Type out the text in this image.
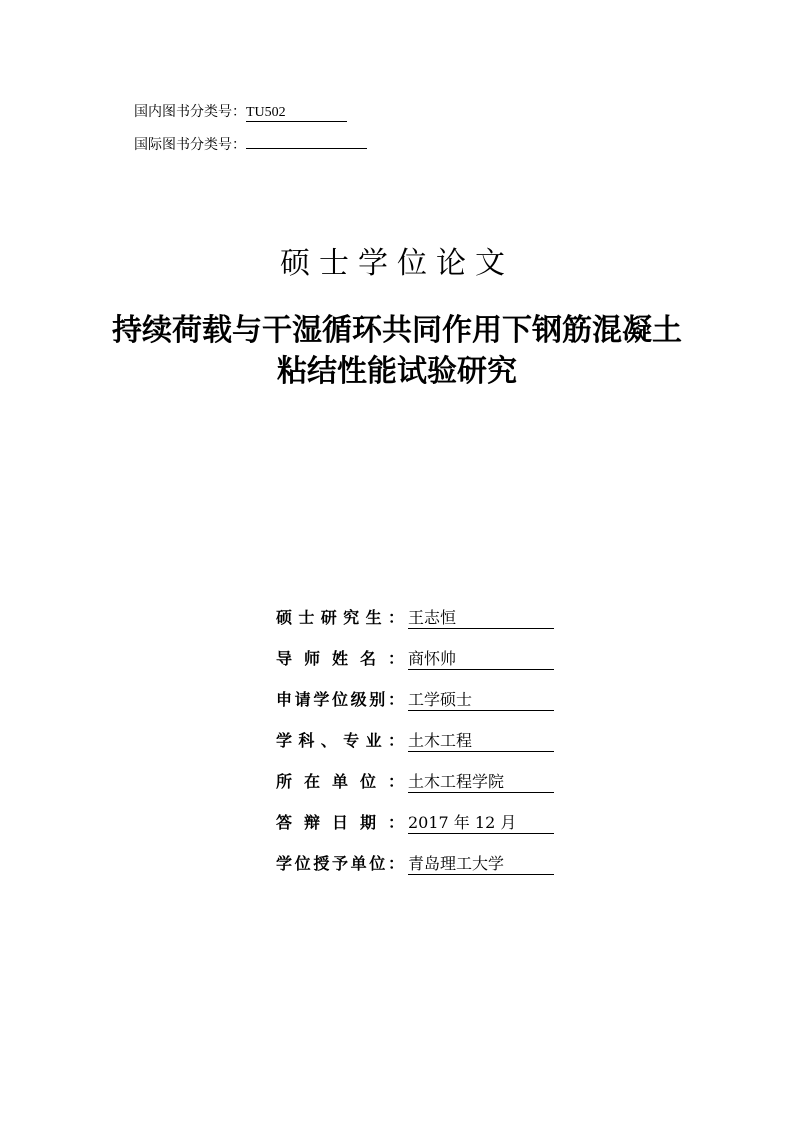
国内图书分类号：TU502
国际图书分类号：
硕士学位论文
持续荷载与干湿循环共同作用下钢筋混凝土
粘结性能试验研究
硕 士 研 究 生 ： 王志恒
导 师 姓 名 ： 商怀帅
申 请 学 位 级 别 ： 工学硕士
学 科 、 专 业 ： 土木工程
所 在 单 位 ： 土木工程学院
答 辩 日 期 ： 2017 年 12 月
学 位 授 予 单 位 ： 青岛理工大学
